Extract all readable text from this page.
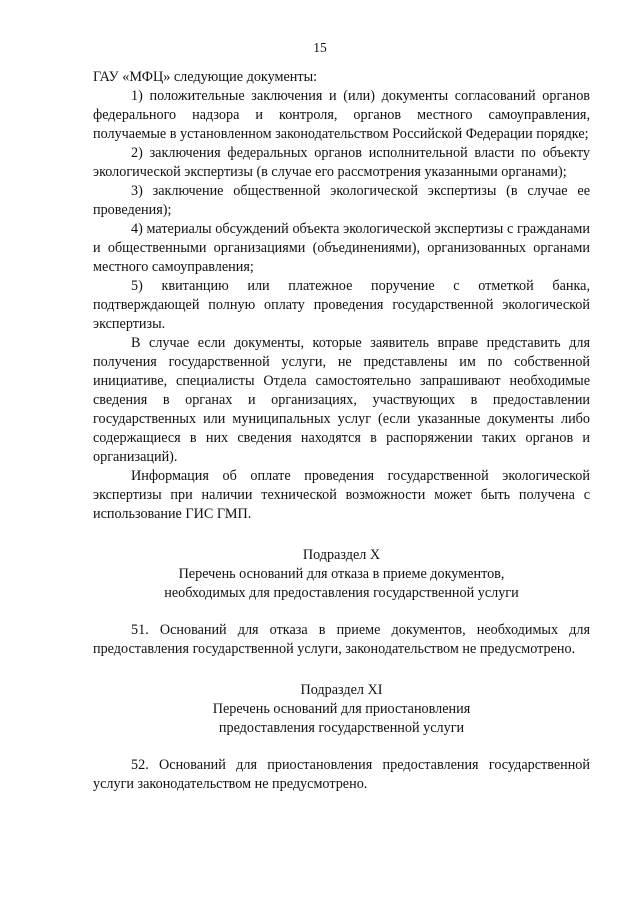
15

ГАУ «МФЦ» следующие документы:

1) положительные заключения и (или) документы согласований органов федерального надзора и контроля, органов местного самоуправления, получаемые в установленном законодательством Российской Федерации порядке;

2) заключения федеральных органов исполнительной власти по объекту экологической экспертизы (в случае его рассмотрения указанными органами);

3) заключение общественной экологической экспертизы (в случае ее проведения);

4) материалы обсуждений объекта экологической экспертизы с гражданами и общественными организациями (объединениями), организованных органами местного самоуправления;

5) квитанцию или платежное поручение с отметкой банка, подтверждающей полную оплату проведения государственной экологической экспертизы.

В случае если документы, которые заявитель вправе представить для получения государственной услуги, не представлены им по собственной инициативе, специалисты Отдела самостоятельно запрашивают необходимые сведения в органах и организациях, участвующих в предоставлении государственных или муниципальных услуг (если указанные документы либо содержащиеся в них сведения находятся в распоряжении таких органов и организаций).

Информация об оплате проведения государственной экологической экспертизы при наличии технической возможности может быть получена с использование ГИС ГМП.

Подраздел X

Перечень оснований для отказа в приеме документов,

необходимых для предоставления государственной услуги

51. Оснований для отказа в приеме документов, необходимых для предоставления государственной услуги, законодательством не предусмотрено.

Подраздел XI

Перечень оснований для приостановления

предоставления государственной услуги

52. Оснований для приостановления предоставления государственной услуги законодательством не предусмотрено.
